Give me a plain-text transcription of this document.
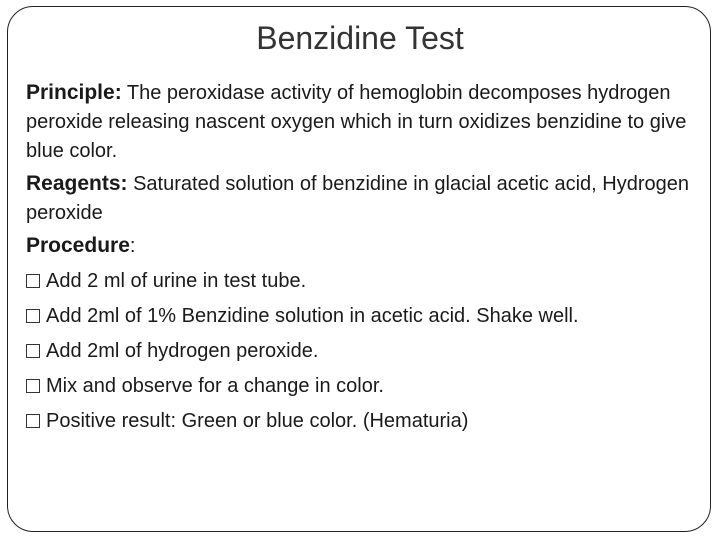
Benzidine Test

Principle: The peroxidase activity of hemoglobin decomposes hydrogen peroxide releasing nascent oxygen which in turn oxidizes benzidine to give blue color.

Reagents: Saturated solution of benzidine in glacial acetic acid, Hydrogen peroxide

Procedure:

Add 2 ml of urine in test tube.
Add 2ml of 1% Benzidine solution in acetic acid. Shake well.
Add 2ml of hydrogen peroxide.
Mix and observe for a change in color.
Positive result: Green or blue color. (Hematuria)
